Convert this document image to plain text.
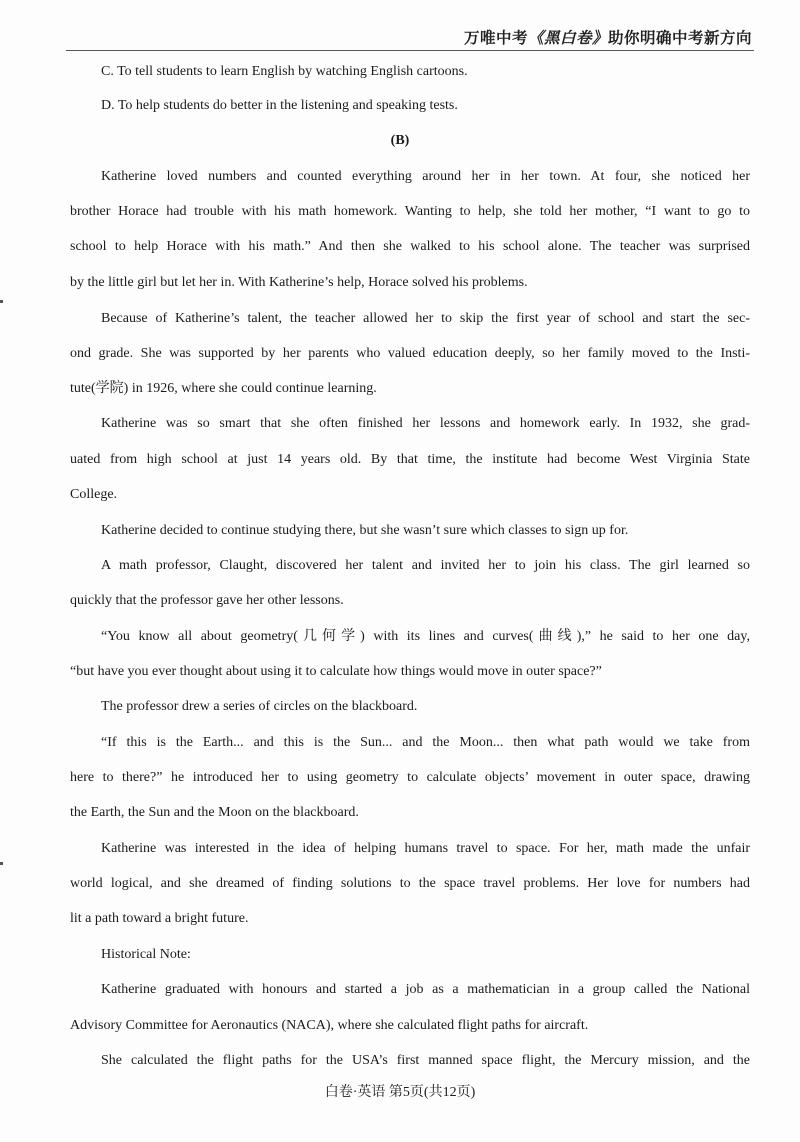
万唯中考《黑白卷》助你明确中考新方向
C. To tell students to learn English by watching English cartoons.
D. To help students do better in the listening and speaking tests.
(B)
Katherine loved numbers and counted everything around her in her town. At four, she noticed her
brother Horace had trouble with his math homework. Wanting to help, she told her mother, “I want to go to
school to help Horace with his math.” And then she walked to his school alone. The teacher was surprised
by the little girl but let her in. With Katherine’s help, Horace solved his problems.
Because of Katherine’s talent, the teacher allowed her to skip the first year of school and start the sec-
ond grade. She was supported by her parents who valued education deeply, so her family moved to the Insti-
tute(学院) in 1926, where she could continue learning.
Katherine was so smart that she often finished her lessons and homework early. In 1932, she grad-
uated from high school at just 14 years old. By that time, the institute had become West Virginia State
College.
Katherine decided to continue studying there, but she wasn’t sure which classes to sign up for.
A math professor, Claught, discovered her talent and invited her to join his class. The girl learned so
quickly that the professor gave her other lessons.
“You know all about geometry(几何学) with its lines and curves(曲线),” he said to her one day,
“but have you ever thought about using it to calculate how things would move in outer space?”
The professor drew a series of circles on the blackboard.
“If this is the Earth... and this is the Sun... and the Moon... then what path would we take from
here to there?” he introduced her to using geometry to calculate objects’ movement in outer space, drawing
the Earth, the Sun and the Moon on the blackboard.
Katherine was interested in the idea of helping humans travel to space. For her, math made the unfair
world logical, and she dreamed of finding solutions to the space travel problems. Her love for numbers had
lit a path toward a bright future.
Historical Note:
Katherine graduated with honours and started a job as a mathematician in a group called the National
Advisory Committee for Aeronautics (NACA), where she calculated flight paths for aircraft.
She calculated the flight paths for the USA’s first manned space flight, the Mercury mission, and the
白卷·英语 第5页(共12页)
